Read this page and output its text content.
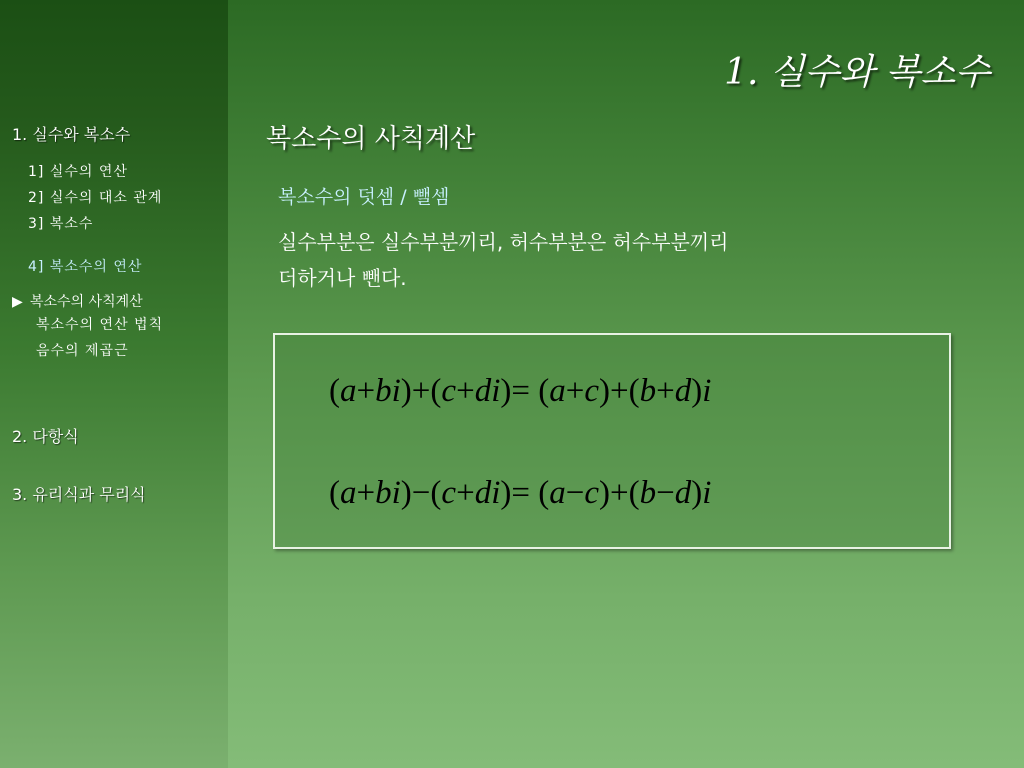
1. 실수와 복소수
1] 실수의 연산
2] 실수의 대소 관계
3] 복소수
4] 복소수의 연산
▶ 복소수의 사칙계산
복소수의 연산 법칙
음수의 제곱근
2. 다항식
3. 유리식과 무리식
1. 실수와 복소수
복소수의 사칙계산
복소수의 덧셈 / 뺄셈
실수부분은 실수부분끼리, 허수부분은 허수부분끼리
더하거나 뺀다.
(a+bi)+(c+di)= (a+c)+(b+d)i
(a+bi)−(c+di)= (a−c)+(b−d)i
